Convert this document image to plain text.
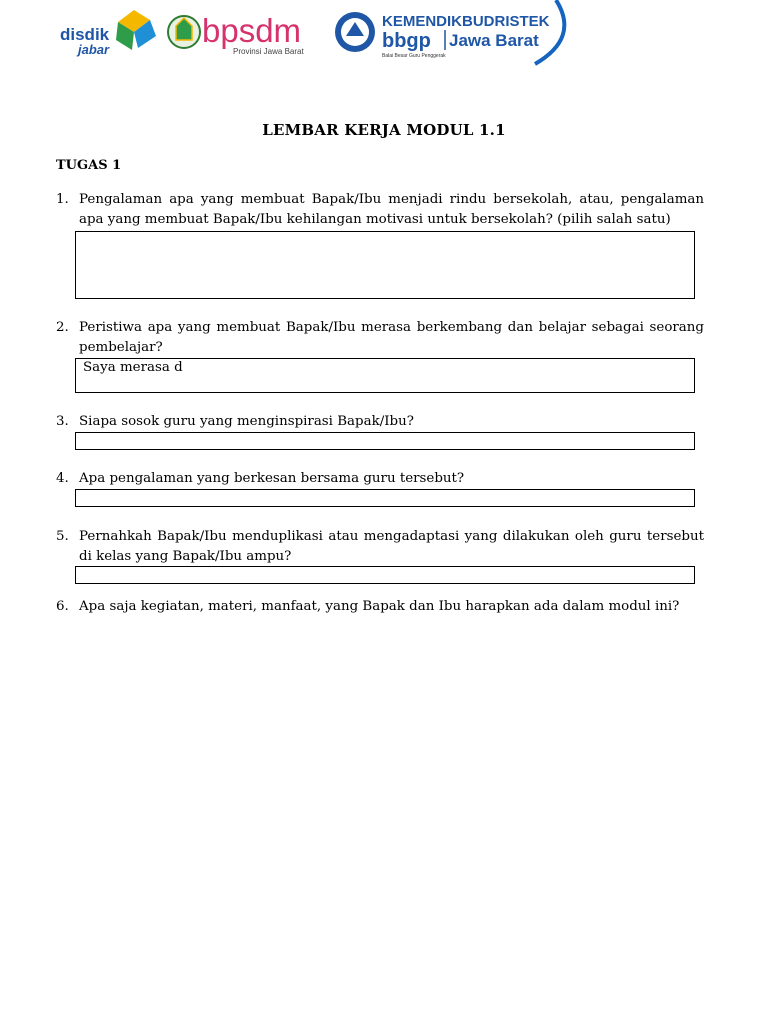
disdik
jabar
bpsdm
Provinsi Jawa Barat
KEMENDIKBUDRISTEK
bbgp Jawa Barat
Balai Besar Guru Penggerak
LEMBAR KERJA MODUL 1.1
TUGAS 1
1. Pengalaman apa yang membuat Bapak/Ibu menjadi rindu bersekolah, atau, pengalaman apa yang membuat Bapak/Ibu kehilangan motivasi untuk bersekolah? (pilih salah satu)
2. Peristiwa apa yang membuat Bapak/Ibu merasa berkembang dan belajar sebagai seorang pembelajar?
Saya merasa d
3. Siapa sosok guru yang menginspirasi Bapak/Ibu?
4. Apa pengalaman yang berkesan bersama guru tersebut?
5. Pernahkah Bapak/Ibu menduplikasi atau mengadaptasi yang dilakukan oleh guru tersebut di kelas yang Bapak/Ibu ampu?
6. Apa saja kegiatan, materi, manfaat, yang Bapak dan Ibu harapkan ada dalam modul ini?
